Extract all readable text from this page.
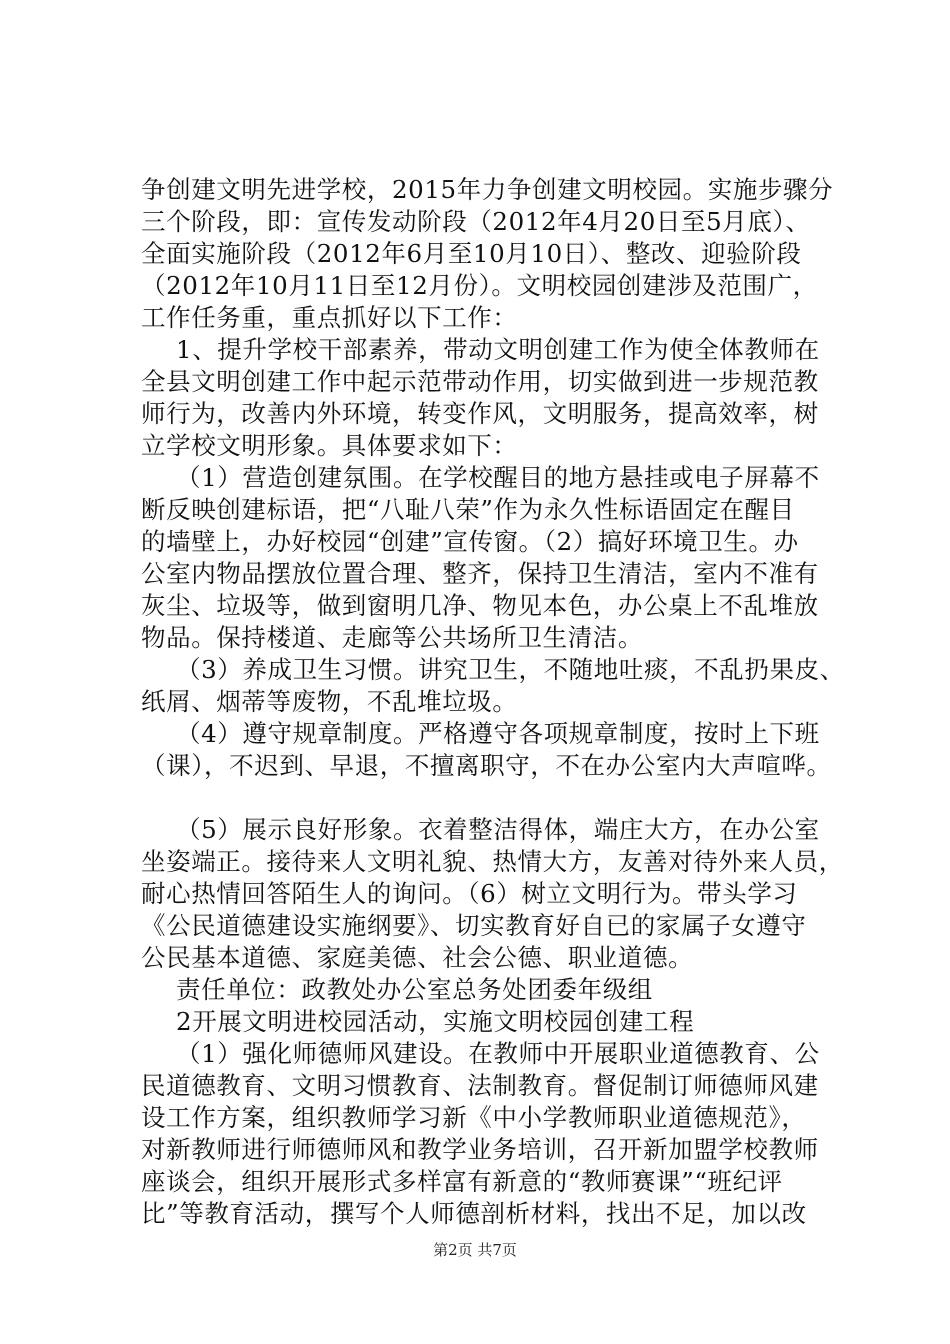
争创建文明先进学校，2015年力争创建文明校园。实施步骤分
三个阶段，即：宣传发动阶段（2012年4月20日至5月底）、
全面实施阶段（2012年6月至10月10日）、整改、迎验阶段
（2012年10月11日至12月份）。文明校园创建涉及范围广，
工作任务重，重点抓好以下工作：
1、提升学校干部素养，带动文明创建工作为使全体教师在
全县文明创建工作中起示范带动作用，切实做到进一步规范教
师行为，改善内外环境，转变作风，文明服务，提高效率，树
立学校文明形象。具体要求如下：
（1）营造创建氛围。在学校醒目的地方悬挂或电子屏幕不
断反映创建标语，把“八耻八荣”作为永久性标语固定在醒目
的墙壁上，办好校园“创建”宣传窗。（2）搞好环境卫生。办
公室内物品摆放位置合理、整齐，保持卫生清洁，室内不准有
灰尘、垃圾等，做到窗明几净、物见本色，办公桌上不乱堆放
物品。保持楼道、走廊等公共场所卫生清洁。
（3）养成卫生习惯。讲究卫生，不随地吐痰，不乱扔果皮、
纸屑、烟蒂等废物，不乱堆垃圾。
（4）遵守规章制度。严格遵守各项规章制度，按时上下班
（课），不迟到、早退，不擅离职守，不在办公室内大声喧哗。
（5）展示良好形象。衣着整洁得体，端庄大方，在办公室
坐姿端正。接待来人文明礼貌、热情大方，友善对待外来人员，
耐心热情回答陌生人的询问。（6）树立文明行为。带头学习
《公民道德建设实施纲要》、切实教育好自已的家属子女遵守
公民基本道德、家庭美德、社会公德、职业道德。
责任单位：政教处办公室总务处团委年级组
2开展文明进校园活动，实施文明校园创建工程
（1）强化师德师风建设。在教师中开展职业道德教育、公
民道德教育、文明习惯教育、法制教育。督促制订师德师风建
设工作方案，组织教师学习新《中小学教师职业道德规范》，
对新教师进行师德师风和教学业务培训，召开新加盟学校教师
座谈会，组织开展形式多样富有新意的“教师赛课”“班纪评
比”等教育活动，撰写个人师德剖析材料，找出不足，加以改
第2页 共7页
